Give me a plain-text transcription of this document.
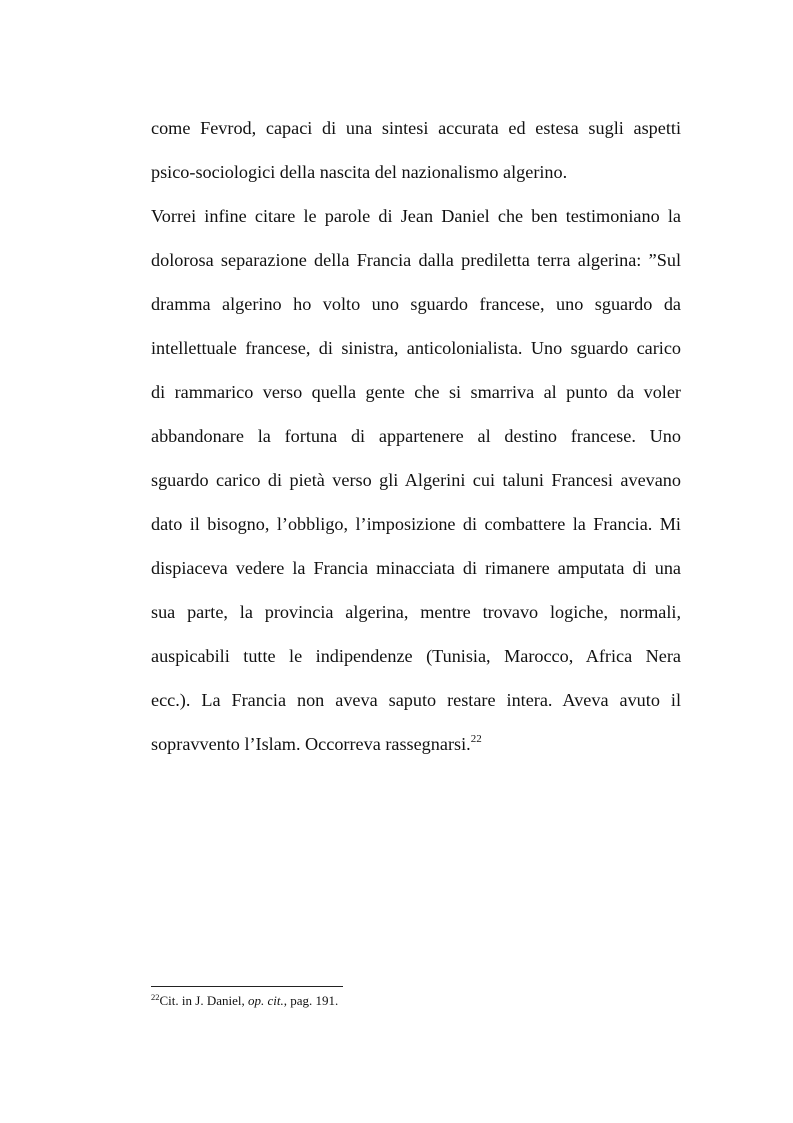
come Fevrod, capaci di una sintesi accurata ed estesa sugli aspetti
psico-sociologici della nascita del nazionalismo algerino.
Vorrei infine citare le parole di Jean Daniel che ben testimoniano la
dolorosa separazione della Francia dalla prediletta terra algerina: ”Sul
dramma algerino ho volto uno sguardo francese, uno sguardo da
intellettuale francese, di sinistra, anticolonialista. Uno sguardo carico
di rammarico verso quella gente che si smarriva al punto da voler
abbandonare la fortuna di appartenere al destino francese. Uno
sguardo carico di pietà verso gli Algerini cui taluni Francesi avevano
dato il bisogno, l’obbligo, l’imposizione di combattere la Francia. Mi
dispiaceva vedere la Francia minacciata di rimanere amputata di una
sua parte, la provincia algerina, mentre trovavo logiche, normali,
auspicabili tutte le indipendenze (Tunisia, Marocco, Africa Nera
ecc.). La Francia non aveva saputo restare intera. Aveva avuto il
sopravvento l’Islam. Occorreva rassegnarsi.$^{22}$
$^{22}$Cit. in J. Daniel, op. cit., pag. 191.
